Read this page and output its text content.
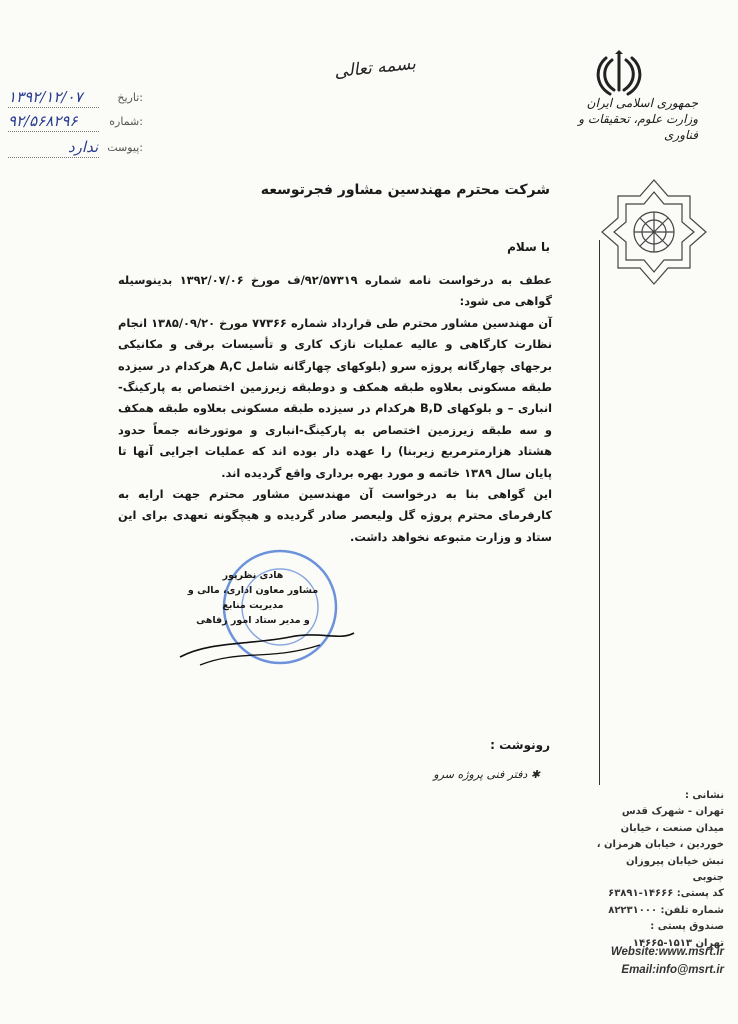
بسمه تعالی
جمهوری اسلامی ایران
وزارت علوم، تحقیقات و فناوری
تاریخ:
۱۳۹۲/۱۲/۰۷
شماره:
۹۲/۵۶۸۲۹۶
پیوست:
ندارد
شرکت محترم مهندسین مشاور فجرتوسعه
با سلام

عطف به درخواست نامه شماره ۹۲/۵۷۳۱۹/ف مورخ ۱۳۹۲/۰۷/۰۶ بدینوسیله گواهی می شود:

آن مهندسین مشاور محترم طی قرارداد شماره ۷۷۳۶۶ مورخ ۱۳۸۵/۰۹/۲۰ انجام نظارت کارگاهی و عالیه عملیات نازک کاری و تأسیسات برقی و مکانیکی برجهای چهارگانه پروژه سرو (بلوکهای چهارگانه شامل A,C هرکدام در سیزده طبقه مسکونی بعلاوه طبقه همکف و دوطبقه زیرزمین اختصاص به پارکینگ-انباری – و بلوکهای B,D هرکدام در سیزده طبقه مسکونی بعلاوه طبقه همکف و سه طبقه زیرزمین اختصاص به پارکینگ-انباری و موتورخانه جمعاً حدود هشتاد هزارمترمربع زیربنا) را عهده دار بوده اند که عملیات اجرایی آنها تا پایان سال ۱۳۸۹ خاتمه و مورد بهره برداری واقع گردیده اند.

این گواهی بنا به درخواست آن مهندسین مشاور محترم جهت ارایه به کارفرمای محترم پروژه گل ولیعصر صادر گردیده و هیچگونه تعهدی برای این ستاد و وزارت متبوعه نخواهد داشت.

هادی نظرپور
مشاور معاون اداری، مالی و مدیریت منابع
و مدیر ستاد امور رفاهی
رونوشت :
✱ دفتر فنی پروژه سرو
نشانی :
تهران - شهرک قدس
میدان صنعت ، خیابان
خوردین ، خیابان هرمزان ،
نبش خیابان پیروزان جنوبی
کد پستی: ۱۴۶۶۶-۶۳۸۹۱
شماره تلفن: ۸۲۲۳۱۰۰۰
صندوق پستی :
تهران ۱۵۱۳-۱۴۶۶۵
Website:www.msrt.ir
Email:info@msrt.ir
